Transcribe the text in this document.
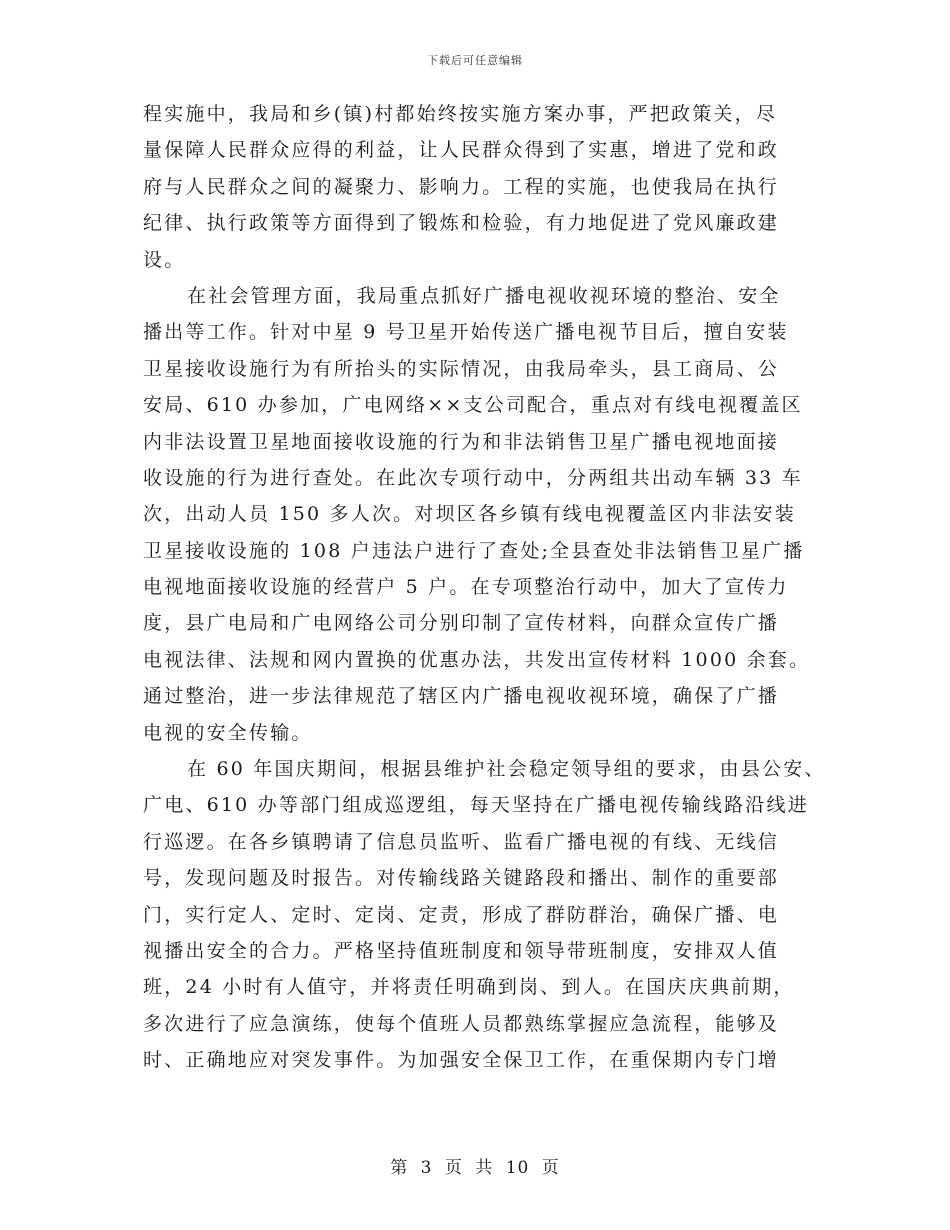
下载后可任意编辑
程实施中，我局和乡(镇)村都始终按实施方案办事，严把政策关，尽
量保障人民群众应得的利益，让人民群众得到了实惠，增进了党和政
府与人民群众之间的凝聚力、影响力。工程的实施，也使我局在执行
纪律、执行政策等方面得到了锻炼和检验，有力地促进了党风廉政建
设。
在社会管理方面，我局重点抓好广播电视收视环境的整治、安全
播出等工作。针对中星 9 号卫星开始传送广播电视节目后，擅自安装
卫星接收设施行为有所抬头的实际情况，由我局牵头，县工商局、公
安局、610 办参加，广电网络××支公司配合，重点对有线电视覆盖区
内非法设置卫星地面接收设施的行为和非法销售卫星广播电视地面接
收设施的行为进行查处。在此次专项行动中，分两组共出动车辆 33 车
次，出动人员 150 多人次。对坝区各乡镇有线电视覆盖区内非法安装
卫星接收设施的 108 户违法户进行了查处;全县查处非法销售卫星广播
电视地面接收设施的经营户 5 户。在专项整治行动中，加大了宣传力
度，县广电局和广电网络公司分别印制了宣传材料，向群众宣传广播
电视法律、法规和网内置换的优惠办法，共发出宣传材料 1000 余套。
通过整治，进一步法律规范了辖区内广播电视收视环境，确保了广播
电视的安全传输。
在 60 年国庆期间，根据县维护社会稳定领导组的要求，由县公安、
广电、610 办等部门组成巡逻组，每天坚持在广播电视传输线路沿线进
行巡逻。在各乡镇聘请了信息员监听、监看广播电视的有线、无线信
号，发现问题及时报告。对传输线路关键路段和播出、制作的重要部
门，实行定人、定时、定岗、定责，形成了群防群治，确保广播、电
视播出安全的合力。严格坚持值班制度和领导带班制度，安排双人值
班，24 小时有人值守，并将责任明确到岗、到人。在国庆庆典前期，
多次进行了应急演练，使每个值班人员都熟练掌握应急流程，能够及
时、正确地应对突发事件。为加强安全保卫工作，在重保期内专门增
第 3 页 共 10 页
